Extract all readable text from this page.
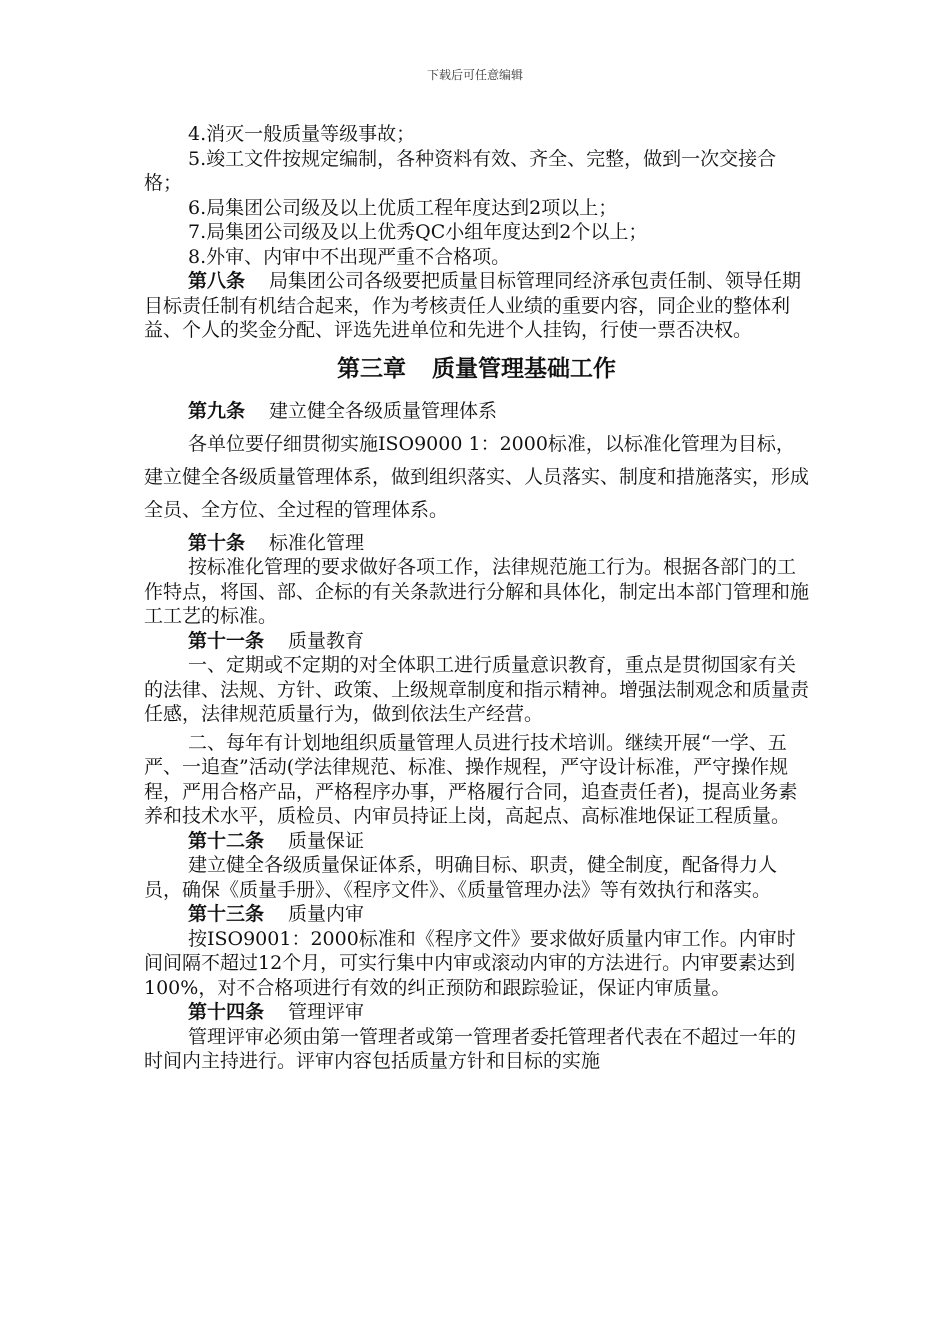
下载后可任意编辑

4.消灭一般质量等级事故；

5.竣工文件按规定编制，各种资料有效、齐全、完整，做到一次交接合格；

6.局集团公司级及以上优质工程年度达到2项以上；

7.局集团公司级及以上优秀QC小组年度达到2个以上；

8.外审、内审中不出现严重不合格项。

第八条 局集团公司各级要把质量目标管理同经济承包责任制、领导任期目标责任制有机结合起来，作为考核责任人业绩的重要内容，同企业的整体利益、个人的奖金分配、评选先进单位和先进个人挂钩，行使一票否决权。

第三章 质量管理基础工作

第九条 建立健全各级质量管理体系

各单位要仔细贯彻实施ISO9000 1：2000标准，以标准化管理为目标，建立健全各级质量管理体系，做到组织落实、人员落实、制度和措施落实，形成全员、全方位、全过程的管理体系。

第十条 标准化管理

按标准化管理的要求做好各项工作，法律规范施工行为。根据各部门的工作特点，将国、部、企标的有关条款进行分解和具体化，制定出本部门管理和施工工艺的标准。

第十一条 质量教育

一、定期或不定期的对全体职工进行质量意识教育，重点是贯彻国家有关的法律、法规、方针、政策、上级规章制度和指示精神。增强法制观念和质量责任感，法律规范质量行为，做到依法生产经营。

二、每年有计划地组织质量管理人员进行技术培训。继续开展“一学、五严、一追查”活动(学法律规范、标准、操作规程，严守设计标准，严守操作规程，严用合格产品，严格程序办事，严格履行合同，追查责任者)，提高业务素养和技术水平，质检员、内审员持证上岗，高起点、高标准地保证工程质量。

第十二条 质量保证

建立健全各级质量保证体系，明确目标、职责，健全制度，配备得力人员，确保《质量手册》、《程序文件》、《质量管理办法》等有效执行和落实。

第十三条 质量内审

按ISO9001：2000标准和《程序文件》要求做好质量内审工作。内审时间间隔不超过12个月，可实行集中内审或滚动内审的方法进行。内审要素达到100%，对不合格项进行有效的纠正预防和跟踪验证，保证内审质量。

第十四条 管理评审

管理评审必须由第一管理者或第一管理者委托管理者代表在不超过一年的时间内主持进行。评审内容包括质量方针和目标的实施
